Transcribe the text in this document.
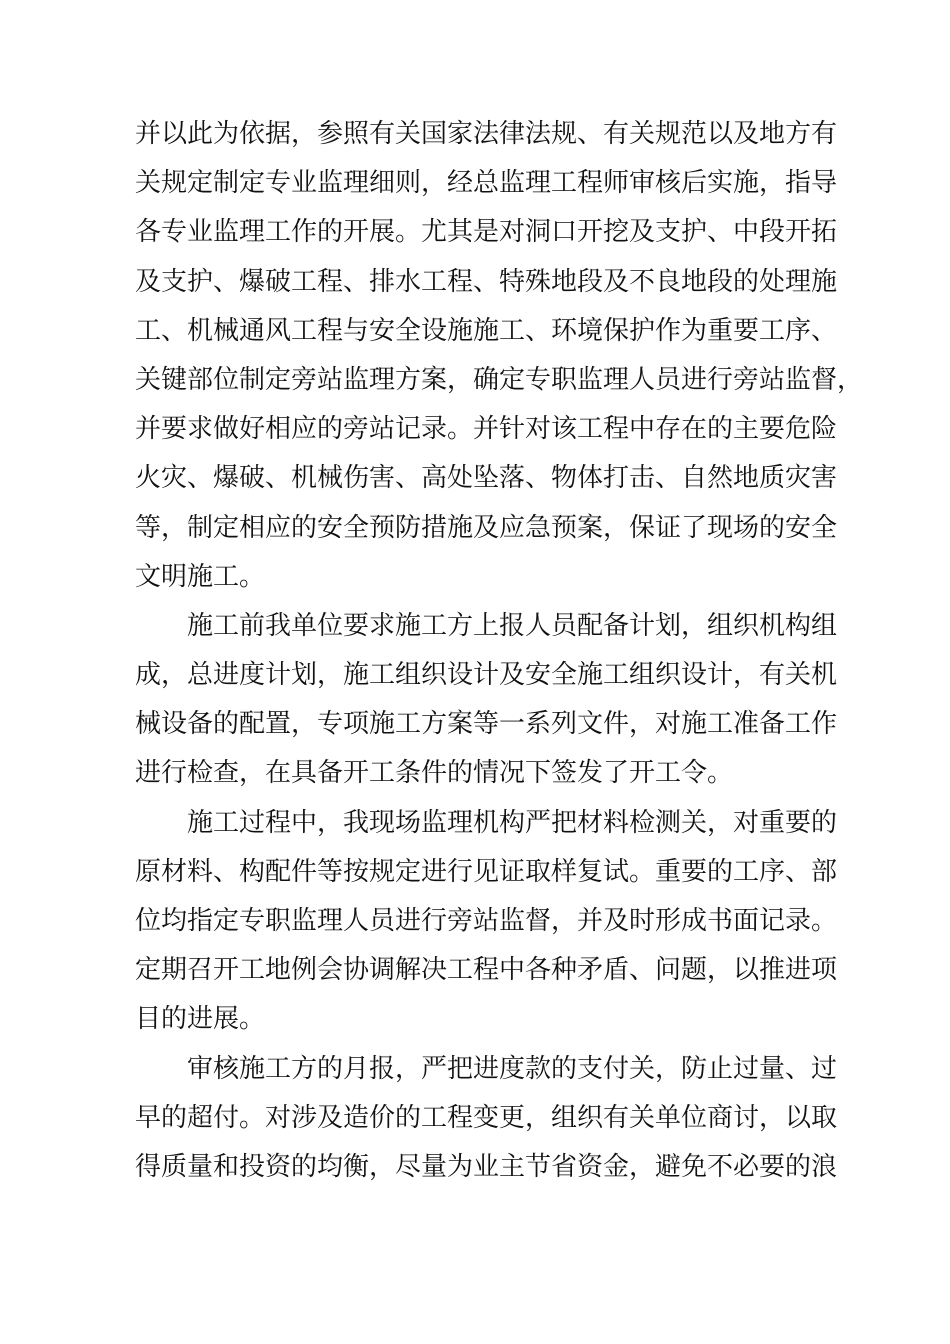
并以此为依据，参照有关国家法律法规、有关规范以及地方有
关规定制定专业监理细则，经总监理工程师审核后实施，指导
各专业监理工作的开展。尤其是对洞口开挖及支护、中段开拓
及支护、爆破工程、排水工程、特殊地段及不良地段的处理施
工、机械通风工程与安全设施施工、环境保护作为重要工序、
关键部位制定旁站监理方案，确定专职监理人员进行旁站监督，
并要求做好相应的旁站记录。并针对该工程中存在的主要危险
火灾、爆破、机械伤害、高处坠落、物体打击、自然地质灾害
等，制定相应的安全预防措施及应急预案，保证了现场的安全
文明施工。
施工前我单位要求施工方上报人员配备计划，组织机构组
成，总进度计划，施工组织设计及安全施工组织设计，有关机
械设备的配置，专项施工方案等一系列文件，对施工准备工作
进行检查，在具备开工条件的情况下签发了开工令。
施工过程中，我现场监理机构严把材料检测关，对重要的
原材料、构配件等按规定进行见证取样复试。重要的工序、部
位均指定专职监理人员进行旁站监督，并及时形成书面记录。
定期召开工地例会协调解决工程中各种矛盾、问题，以推进项
目的进展。
审核施工方的月报，严把进度款的支付关，防止过量、过
早的超付。对涉及造价的工程变更，组织有关单位商讨，以取
得质量和投资的均衡，尽量为业主节省资金，避免不必要的浪
